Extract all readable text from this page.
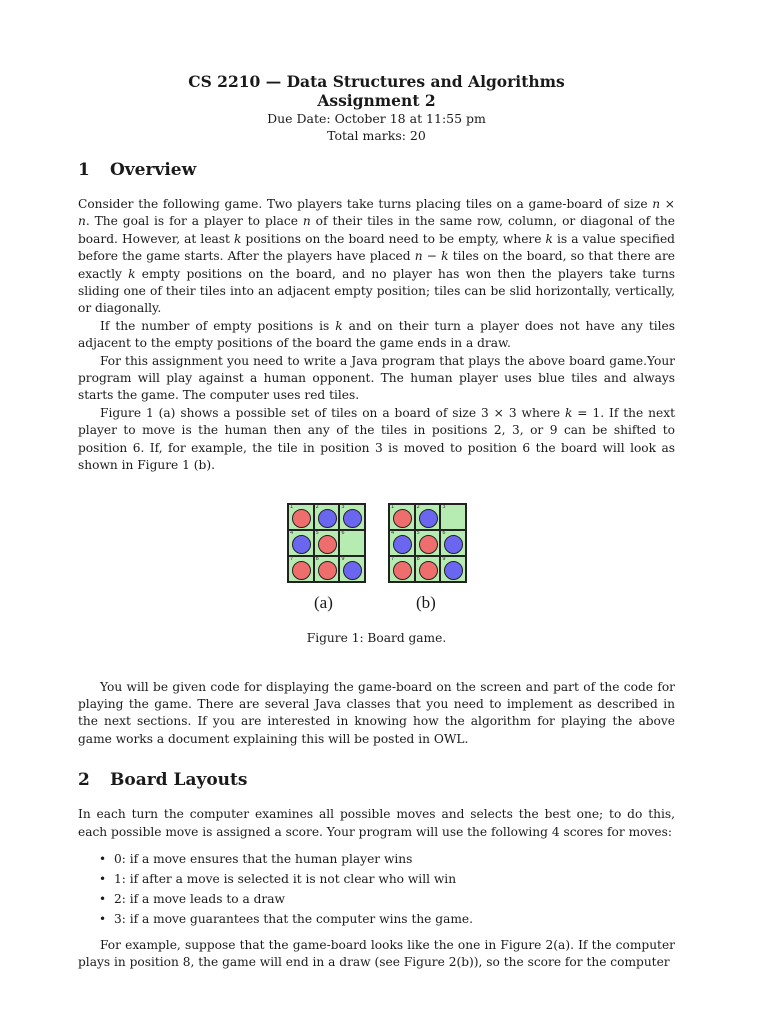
CS 2210 — Data Structures and Algorithms
Assignment 2
Due Date: October 18 at 11:55 pm
Total marks: 20
1 Overview

Consider the following game. Two players take turns placing tiles on a game-board of size n × n. The goal is for a player to place n of their tiles in the same row, column, or diagonal of the board. However, at least k positions on the board need to be empty, where k is a value specified before the game starts. After the players have placed n − k tiles on the board, so that there are exactly k empty positions on the board, and no player has won then the players take turns sliding one of their tiles into an adjacent empty position; tiles can be slid horizontally, vertically, or diagonally.

If the number of empty positions is k and on their turn a player does not have any tiles adjacent to the empty positions of the board the game ends in a draw.

For this assignment you need to write a Java program that plays the above board game.Your program will play against a human opponent. The human player uses blue tiles and always starts the game. The computer uses red tiles.

Figure 1 (a) shows a possible set of tiles on a board of size 3 × 3 where k = 1. If the next player to move is the human then any of the tiles in positions 2, 3, or 9 can be shifted to position 6. If, for example, the tile in position 3 is moved to position 6 the board will look as shown in Figure 1 (b).

1	2	3
4	5	6
7	8	9
1	2	3
4	5	6
7	8	9
(a)	(b)
Figure 1: Board game.

You will be given code for displaying the game-board on the screen and part of the code for playing the game. There are several Java classes that you need to implement as described in the next sections. If you are interested in knowing how the algorithm for playing the above game works a document explaining this will be posted in OWL.

2 Board Layouts

In each turn the computer examines all possible moves and selects the best one; to do this, each possible move is assigned a score. Your program will use the following 4 scores for moves:

• 0: if a move ensures that the human player wins
• 1: if after a move is selected it is not clear who will win
• 2: if a move leads to a draw
• 3: if a move guarantees that the computer wins the game.

For example, suppose that the game-board looks like the one in Figure 2(a). If the computer plays in position 8, the game will end in a draw (see Figure 2(b)), so the score for the computer
